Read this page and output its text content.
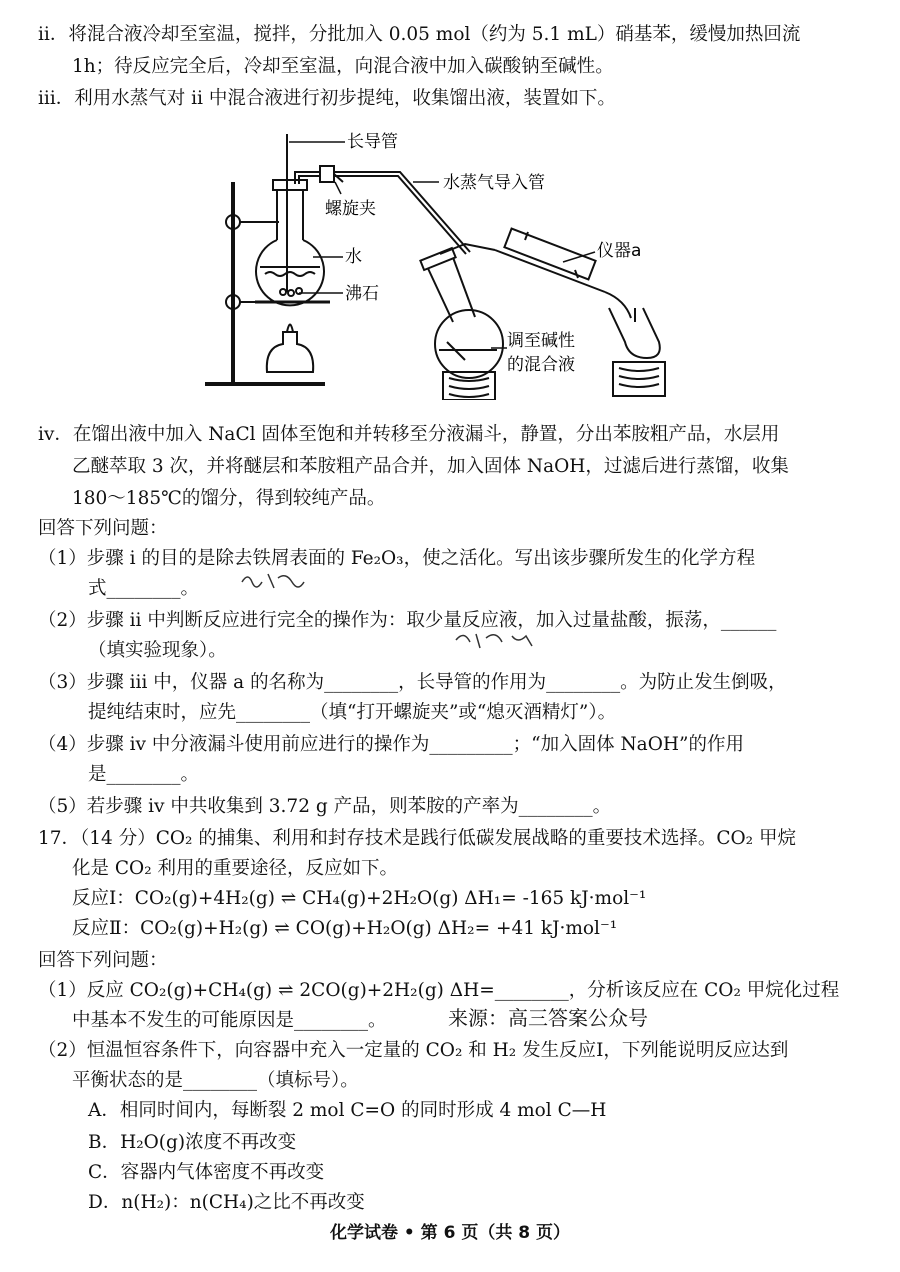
ⅱ．将混合液冷却至室温，搅拌，分批加入 0.05 mol（约为 5.1 mL）硝基苯，缓慢加热回流
1h；待反应完全后，冷却至室温，向混合液中加入碳酸钠至碱性。
ⅲ．利用水蒸气对 ⅱ 中混合液进行初步提纯，收集馏出液，装置如下。
长导管
水蒸气导入管
螺旋夹
水
沸石
仪器a
调至碱性
的混合液
ⅳ．在馏出液中加入 NaCl 固体至饱和并转移至分液漏斗，静置，分出苯胺粗产品，水层用
乙醚萃取 3 次，并将醚层和苯胺粗产品合并，加入固体 NaOH，过滤后进行蒸馏，收集
180～185℃的馏分，得到较纯产品。
回答下列问题：
（1）步骤 ⅰ 的目的是除去铁屑表面的 Fe₂O₃，使之活化。写出该步骤所发生的化学方程
式________。
（2）步骤 ⅱ 中判断反应进行完全的操作为：取少量反应液，加入过量盐酸，振荡，______
（填实验现象）。
（3）步骤 ⅲ 中，仪器 a 的名称为________，长导管的作用为________。为防止发生倒吸，
提纯结束时，应先________（填“打开螺旋夹”或“熄灭酒精灯”）。
（4）步骤 ⅳ 中分液漏斗使用前应进行的操作为_________；“加入固体 NaOH”的作用
是________。
（5）若步骤 ⅳ 中共收集到 3.72 g 产品，则苯胺的产率为________。
17．（14 分）CO₂ 的捕集、利用和封存技术是践行低碳发展战略的重要技术选择。CO₂ 甲烷
化是 CO₂ 利用的重要途径，反应如下。
反应Ⅰ：CO₂(g)+4H₂(g) ⇌ CH₄(g)+2H₂O(g) ΔH₁= -165 kJ·mol⁻¹
反应Ⅱ：CO₂(g)+H₂(g) ⇌ CO(g)+H₂O(g) ΔH₂= +41 kJ·mol⁻¹
回答下列问题：
（1）反应 CO₂(g)+CH₄(g) ⇌ 2CO(g)+2H₂(g) ΔH=________，分析该反应在 CO₂ 甲烷化过程
中基本不发生的可能原因是________。	来源：高三答案公众号
（2）恒温恒容条件下，向容器中充入一定量的 CO₂ 和 H₂ 发生反应Ⅰ，下列能说明反应达到
平衡状态的是________（填标号）。
A．相同时间内，每断裂 2 mol C=O 的同时形成 4 mol C—H
B．H₂O(g)浓度不再改变
C．容器内气体密度不再改变
D．n(H₂)：n(CH₄)之比不再改变
化学试卷 • 第 6 页（共 8 页）
